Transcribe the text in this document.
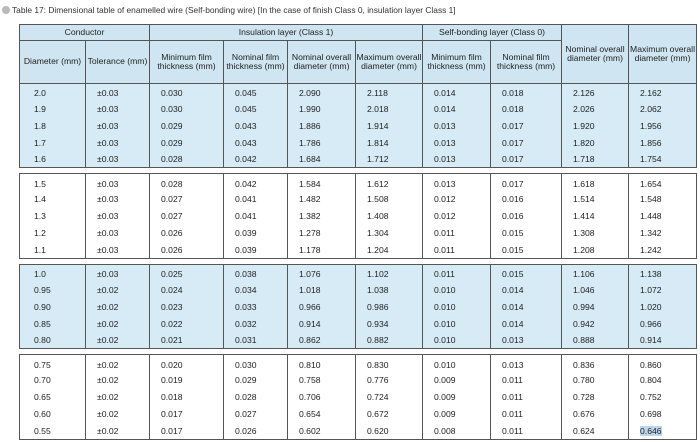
Table 17: Dimensional table of enamelled wire (Self-bonding wire) [In the case of finish Class 0, insulation layer Class 1]
Conductor		Insulation layer (Class 1)				Self-bonding layer (Class 0)		Nominal overall diameter (mm)	Maximum overall diameter (mm)
Diameter (mm)	Tolerance (mm)	Minimum film thickness (mm)	Nominal film thickness (mm)	Nominal overall diameter (mm)	Maximum overall diameter (mm)	Minimum film thickness (mm)	Nominal film thickness (mm)		
2.0	±0.03	0.030	0.045	2.090	2.118	0.014	0.018	2.126	2.162
1.9	±0.03	0.030	0.045	1.990	2.018	0.014	0.018	2.026	2.062
1.8	±0.03	0.029	0.043	1.886	1.914	0.013	0.017	1.920	1.956
1.7	±0.03	0.029	0.043	1.786	1.814	0.013	0.017	1.820	1.856
1.6	±0.03	0.028	0.042	1.684	1.712	0.013	0.017	1.718	1.754

1.5	±0.03	0.028	0.042	1.584	1.612	0.013	0.017	1.618	1.654
1.4	±0.03	0.027	0.041	1.482	1.508	0.012	0.016	1.514	1.548
1.3	±0.03	0.027	0.041	1.382	1.408	0.012	0.016	1.414	1.448
1.2	±0.03	0.026	0.039	1.278	1.304	0.011	0.015	1.308	1.342
1.1	±0.03	0.026	0.039	1.178	1.204	0.011	0.015	1.208	1.242

1.0	±0.03	0.025	0.038	1.076	1.102	0.011	0.015	1.106	1.138
0.95	±0.02	0.024	0.034	1.018	1.038	0.010	0.014	1.046	1.072
0.90	±0.02	0.023	0.033	0.966	0.986	0.010	0.014	0.994	1.020
0.85	±0.02	0.022	0.032	0.914	0.934	0.010	0.014	0.942	0.966
0.80	±0.02	0.021	0.031	0.862	0.882	0.010	0.013	0.888	0.914

0.75	±0.02	0.020	0.030	0.810	0.830	0.010	0.013	0.836	0.860
0.70	±0.02	0.019	0.029	0.758	0.776	0.009	0.011	0.780	0.804
0.65	±0.02	0.018	0.028	0.706	0.724	0.009	0.011	0.728	0.752
0.60	±0.02	0.017	0.027	0.654	0.672	0.009	0.011	0.676	0.698
0.55	±0.02	0.017	0.026	0.602	0.620	0.008	0.011	0.624	0.646
